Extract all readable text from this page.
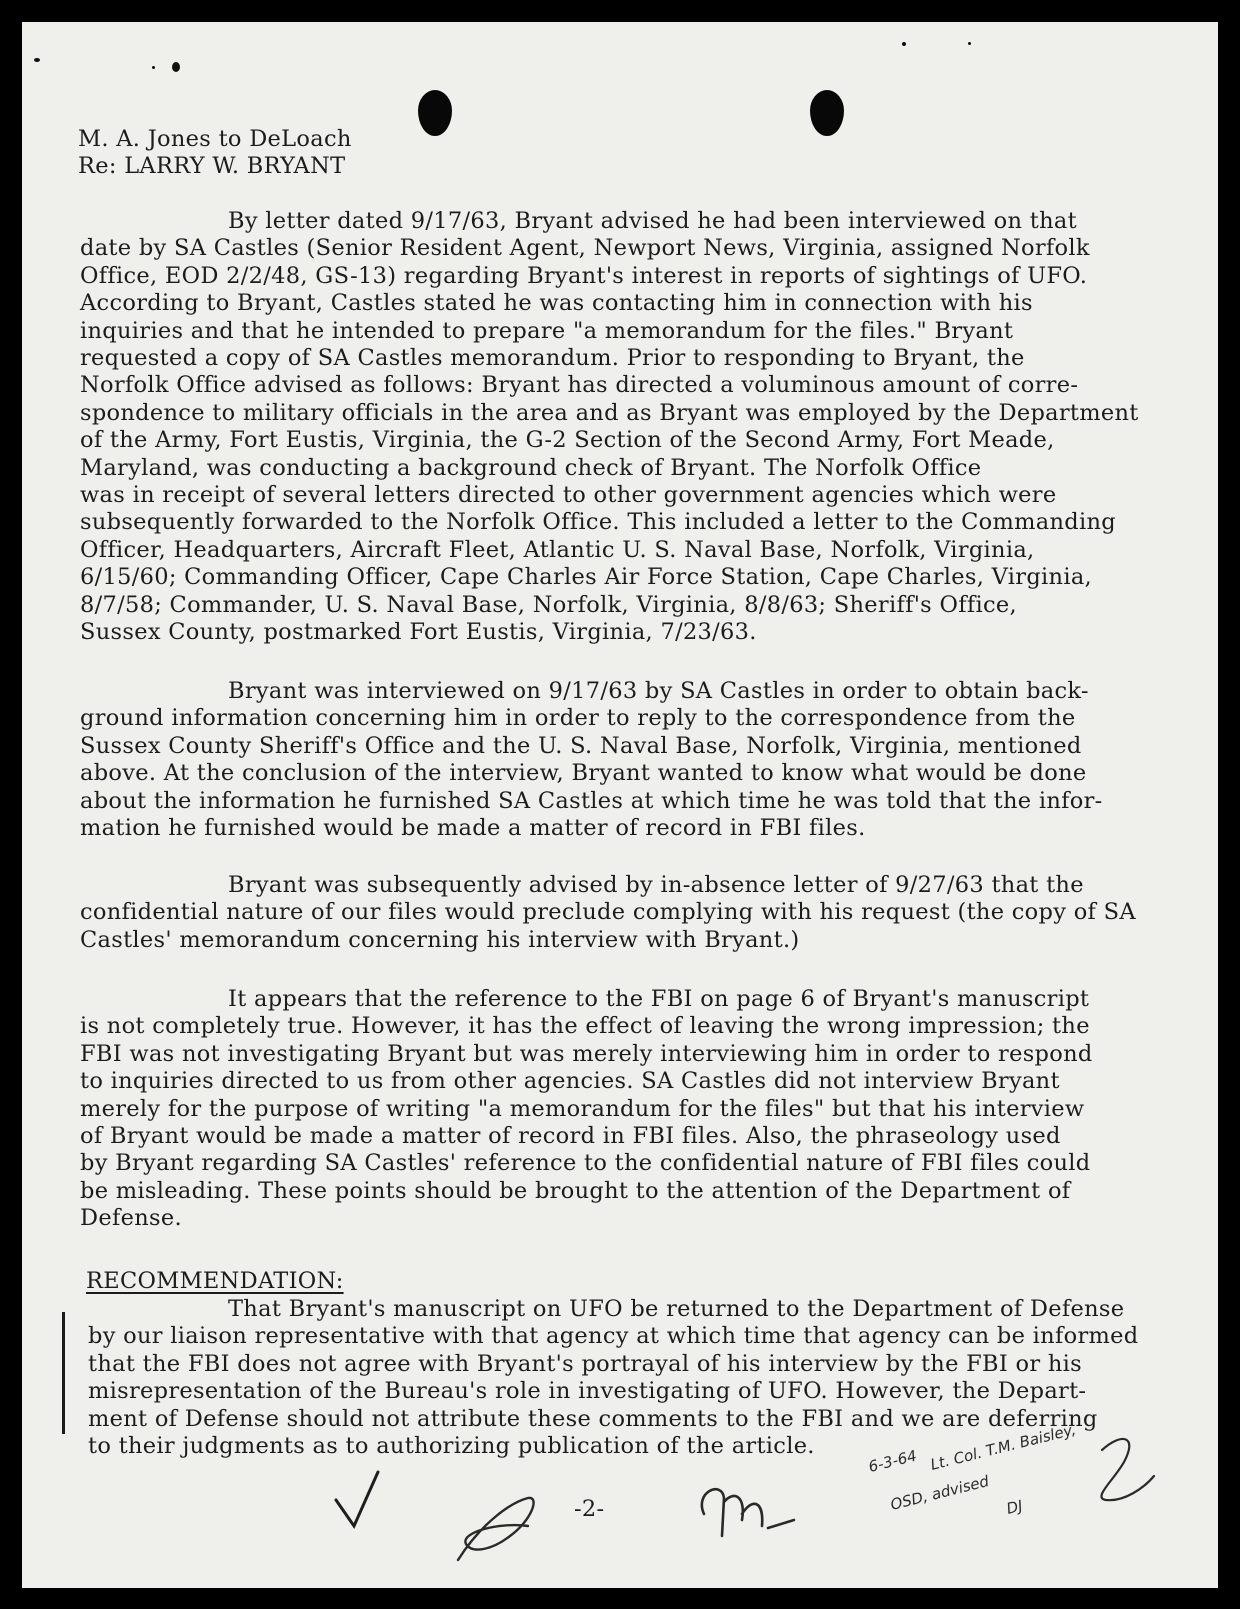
M. A. Jones to DeLoach
Re: LARRY W. BRYANT
By letter dated 9/17/63, Bryant advised he had been interviewed on that
date by SA Castles (Senior Resident Agent, Newport News, Virginia, assigned Norfolk
Office, EOD 2/2/48, GS-13) regarding Bryant's interest in reports of sightings of UFO.
According to Bryant, Castles stated he was contacting him in connection with his
inquiries and that he intended to prepare "a memorandum for the files." Bryant
requested a copy of SA Castles memorandum. Prior to responding to Bryant, the
Norfolk Office advised as follows: Bryant has directed a voluminous amount of corre-
spondence to military officials in the area and as Bryant was employed by the Department
of the Army, Fort Eustis, Virginia, the G-2 Section of the Second Army, Fort Meade,
Maryland, was conducting a background check of Bryant. The Norfolk Office
was in receipt of several letters directed to other government agencies which were
subsequently forwarded to the Norfolk Office. This included a letter to the Commanding
Officer, Headquarters, Aircraft Fleet, Atlantic U. S. Naval Base, Norfolk, Virginia,
6/15/60; Commanding Officer, Cape Charles Air Force Station, Cape Charles, Virginia,
8/7/58; Commander, U. S. Naval Base, Norfolk, Virginia, 8/8/63; Sheriff's Office,
Sussex County, postmarked Fort Eustis, Virginia, 7/23/63.
Bryant was interviewed on 9/17/63 by SA Castles in order to obtain back-
ground information concerning him in order to reply to the correspondence from the
Sussex County Sheriff's Office and the U. S. Naval Base, Norfolk, Virginia, mentioned
above. At the conclusion of the interview, Bryant wanted to know what would be done
about the information he furnished SA Castles at which time he was told that the infor-
mation he furnished would be made a matter of record in FBI files.
Bryant was subsequently advised by in-absence letter of 9/27/63 that the
confidential nature of our files would preclude complying with his request (the copy of SA
Castles' memorandum concerning his interview with Bryant.)
It appears that the reference to the FBI on page 6 of Bryant's manuscript
is not completely true. However, it has the effect of leaving the wrong impression; the
FBI was not investigating Bryant but was merely interviewing him in order to respond
to inquiries directed to us from other agencies. SA Castles did not interview Bryant
merely for the purpose of writing "a memorandum for the files" but that his interview
of Bryant would be made a matter of record in FBI files. Also, the phraseology used
by Bryant regarding SA Castles' reference to the confidential nature of FBI files could
be misleading. These points should be brought to the attention of the Department of
Defense.
RECOMMENDATION:
That Bryant's manuscript on UFO be returned to the Department of Defense
by our liaison representative with that agency at which time that agency can be informed
that the FBI does not agree with Bryant's portrayal of his interview by the FBI or his
misrepresentation of the Bureau's role in investigating of UFO. However, the Depart-
ment of Defense should not attribute these comments to the FBI and we are deferring
to their judgments as to authorizing publication of the article.
-2-
6-3-64 Lt. Col. T.M. Baisley,
OSD, advised DJ
